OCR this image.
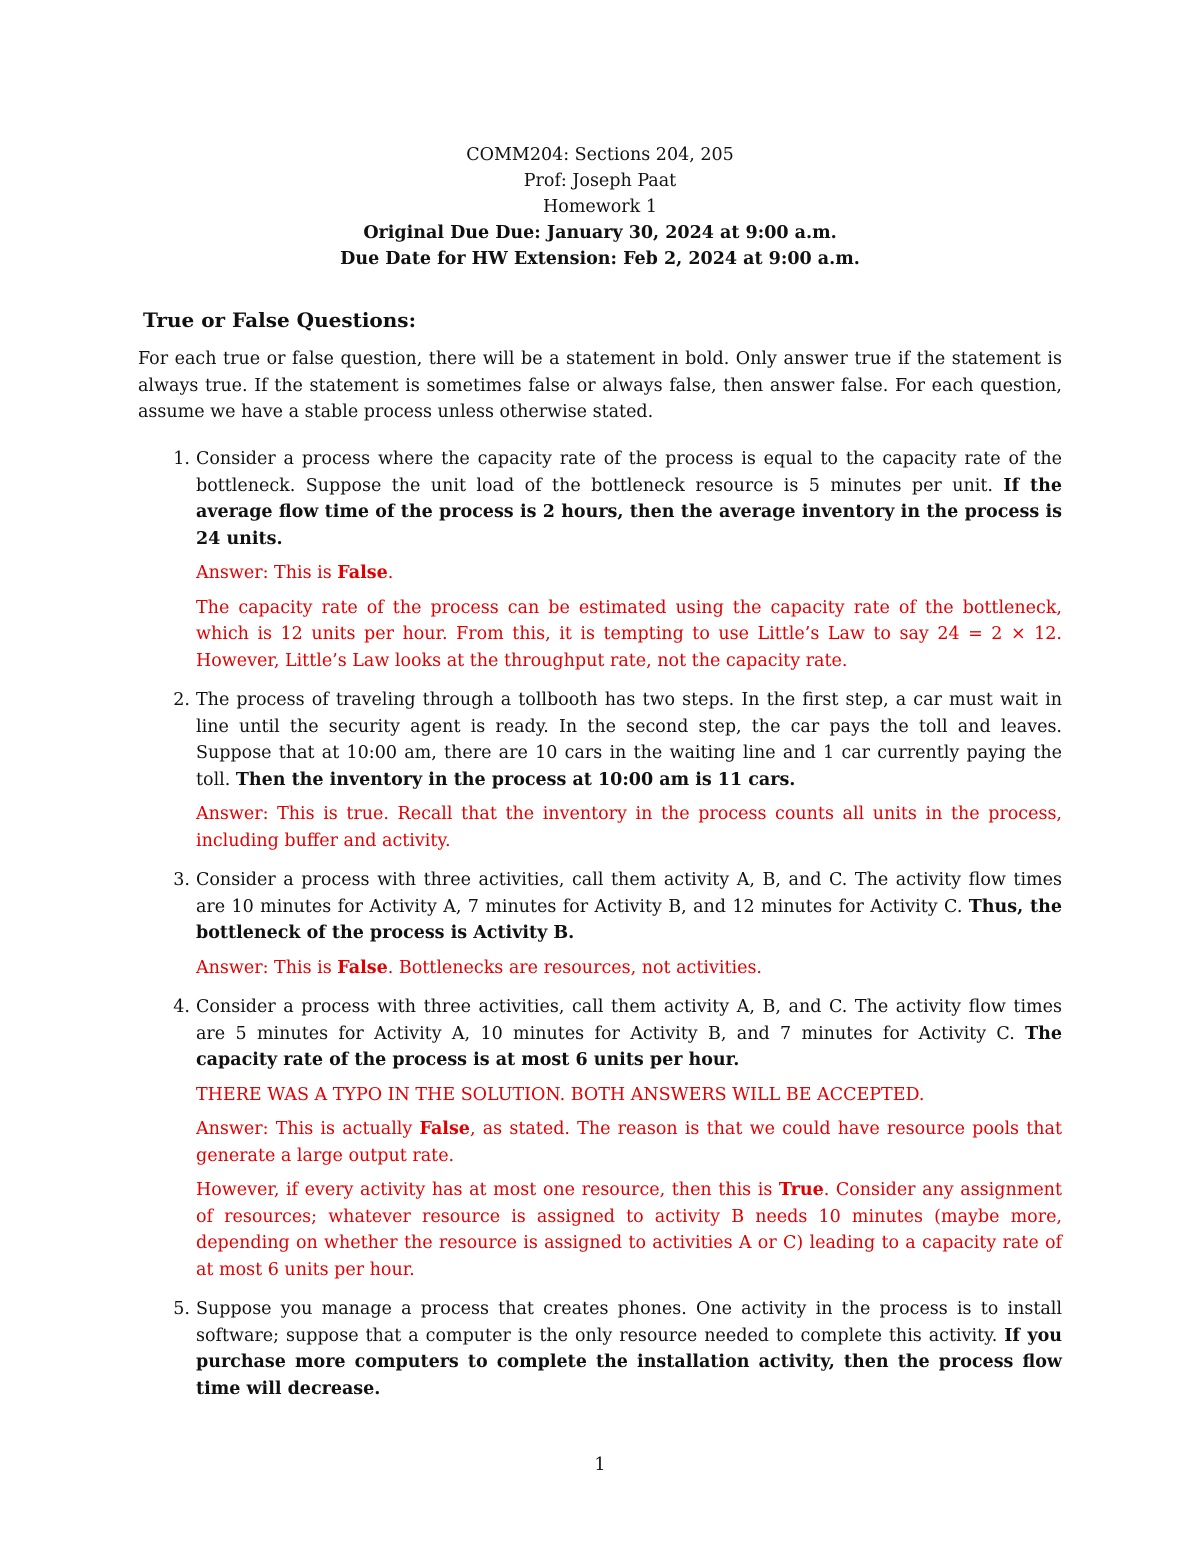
COMM204: Sections 204, 205
Prof: Joseph Paat
Homework 1
Original Due Due: January 30, 2024 at 9:00 a.m.
Due Date for HW Extension: Feb 2, 2024 at 9:00 a.m.
True or False Questions:
For each true or false question, there will be a statement in bold. Only answer true if the statement is always true. If the statement is sometimes false or always false, then answer false. For each question, assume we have a stable process unless otherwise stated.
1. Consider a process where the capacity rate of the process is equal to the capacity rate of the bottleneck. Suppose the unit load of the bottleneck resource is 5 minutes per unit. If the average flow time of the process is 2 hours, then the average inventory in the process is 24 units.
Answer: This is False.
The capacity rate of the process can be estimated using the capacity rate of the bottleneck, which is 12 units per hour. From this, it is tempting to use Little’s Law to say 24 = 2 × 12. However, Little’s Law looks at the throughput rate, not the capacity rate.
2. The process of traveling through a tollbooth has two steps. In the first step, a car must wait in line until the security agent is ready. In the second step, the car pays the toll and leaves. Suppose that at 10:00 am, there are 10 cars in the waiting line and 1 car currently paying the toll. Then the inventory in the process at 10:00 am is 11 cars.
Answer: This is true. Recall that the inventory in the process counts all units in the process, including buffer and activity.
3. Consider a process with three activities, call them activity A, B, and C. The activity flow times are 10 minutes for Activity A, 7 minutes for Activity B, and 12 minutes for Activity C. Thus, the bottleneck of the process is Activity B.
Answer: This is False. Bottlenecks are resources, not activities.
4. Consider a process with three activities, call them activity A, B, and C. The activity flow times are 5 minutes for Activity A, 10 minutes for Activity B, and 7 minutes for Activity C. The capacity rate of the process is at most 6 units per hour.
THERE WAS A TYPO IN THE SOLUTION. BOTH ANSWERS WILL BE ACCEPTED.
Answer: This is actually False, as stated. The reason is that we could have resource pools that generate a large output rate.
However, if every activity has at most one resource, then this is True. Consider any assignment of resources; whatever resource is assigned to activity B needs 10 minutes (maybe more, depending on whether the resource is assigned to activities A or C) leading to a capacity rate of at most 6 units per hour.
5. Suppose you manage a process that creates phones. One activity in the process is to install software; suppose that a computer is the only resource needed to complete this activity. If you purchase more computers to complete the installation activity, then the process flow time will decrease.
1
